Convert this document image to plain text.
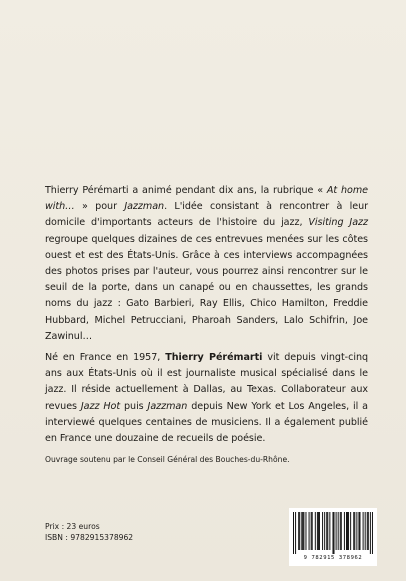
Thierry Pérémarti a animé pendant dix ans, la rubrique « At home with… » pour Jazzman. L'idée consistant à rencontrer à leur domicile d'importants acteurs de l'histoire du jazz, Visiting Jazz regroupe quelques dizaines de ces entrevues menées sur les côtes ouest et est des États-Unis. Grâce à ces interviews accompagnées des photos prises par l'auteur, vous pourrez ainsi rencontrer sur le seuil de la porte, dans un canapé ou en chaussettes, les grands noms du jazz : Gato Barbieri, Ray Ellis, Chico Hamilton, Freddie Hubbard, Michel Petrucciani, Pharoah Sanders, Lalo Schifrin, Joe Zawinul…
Né en France en 1957, Thierry Pérémarti vit depuis vingt-cinq ans aux États-Unis où il est journaliste musical spécialisé dans le jazz. Il réside actuellement à Dallas, au Texas. Collaborateur aux revues Jazz Hot puis Jazzman depuis New York et Los Angeles, il a interviewé quelques centaines de musiciens. Il a également publié en France une douzaine de recueils de poésie.
Ouvrage soutenu par le Conseil Général des Bouches-du-Rhône.
Prix : 23 euros
ISBN : 9782915378962
9 782915 378962
